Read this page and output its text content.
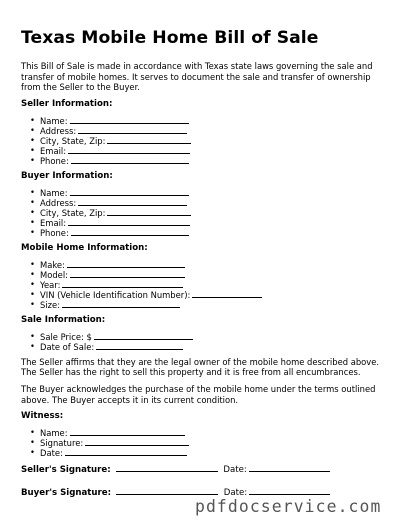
Texas Mobile Home Bill of Sale

This Bill of Sale is made in accordance with Texas state laws governing the sale and transfer of mobile homes. It serves to document the sale and transfer of ownership from the Seller to the Buyer.

Seller Information:
• Name:
• Address:
• City, State, Zip:
• Email:
• Phone:
Buyer Information:
• Name:
• Address:
• City, State, Zip:
• Email:
• Phone:
Mobile Home Information:
• Make:
• Model:
• Year:
• VIN (Vehicle Identification Number):
• Size:
Sale Information:
• Sale Price: $
• Date of Sale:

The Seller affirms that they are the legal owner of the mobile home described above. The Seller has the right to sell this property and it is free from all encumbrances.

The Buyer acknowledges the purchase of the mobile home under the terms outlined above. The Buyer accepts it in its current condition.

Witness:
• Name:
• Signature:
• Date:
Seller's Signature:	Date:
Buyer's Signature:	Date:
pdfdocservice.com
